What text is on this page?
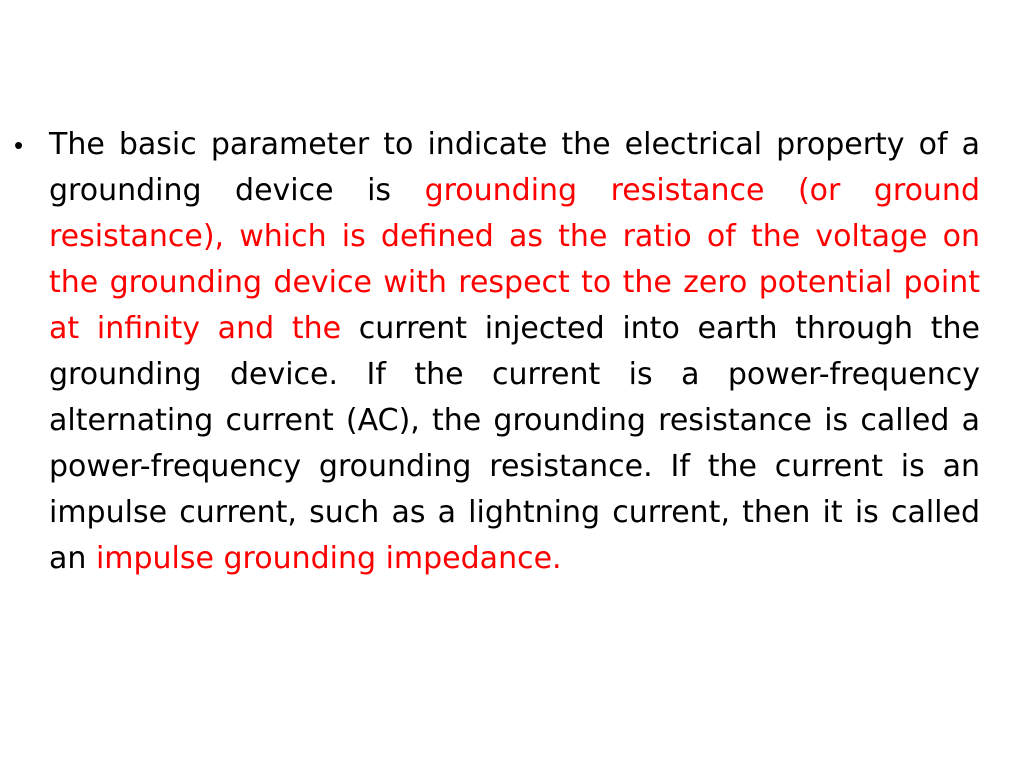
• The basic parameter to indicate the electrical property of a grounding device is grounding resistance (or ground resistance), which is defined as the ratio of the voltage on the grounding device with respect to the zero potential point at infinity and the current injected into earth through the grounding device. If the current is a power-frequency alternating current (AC), the grounding resistance is called a power-frequency grounding resistance. If the current is an impulse current, such as a lightning current, then it is called an impulse grounding impedance.
